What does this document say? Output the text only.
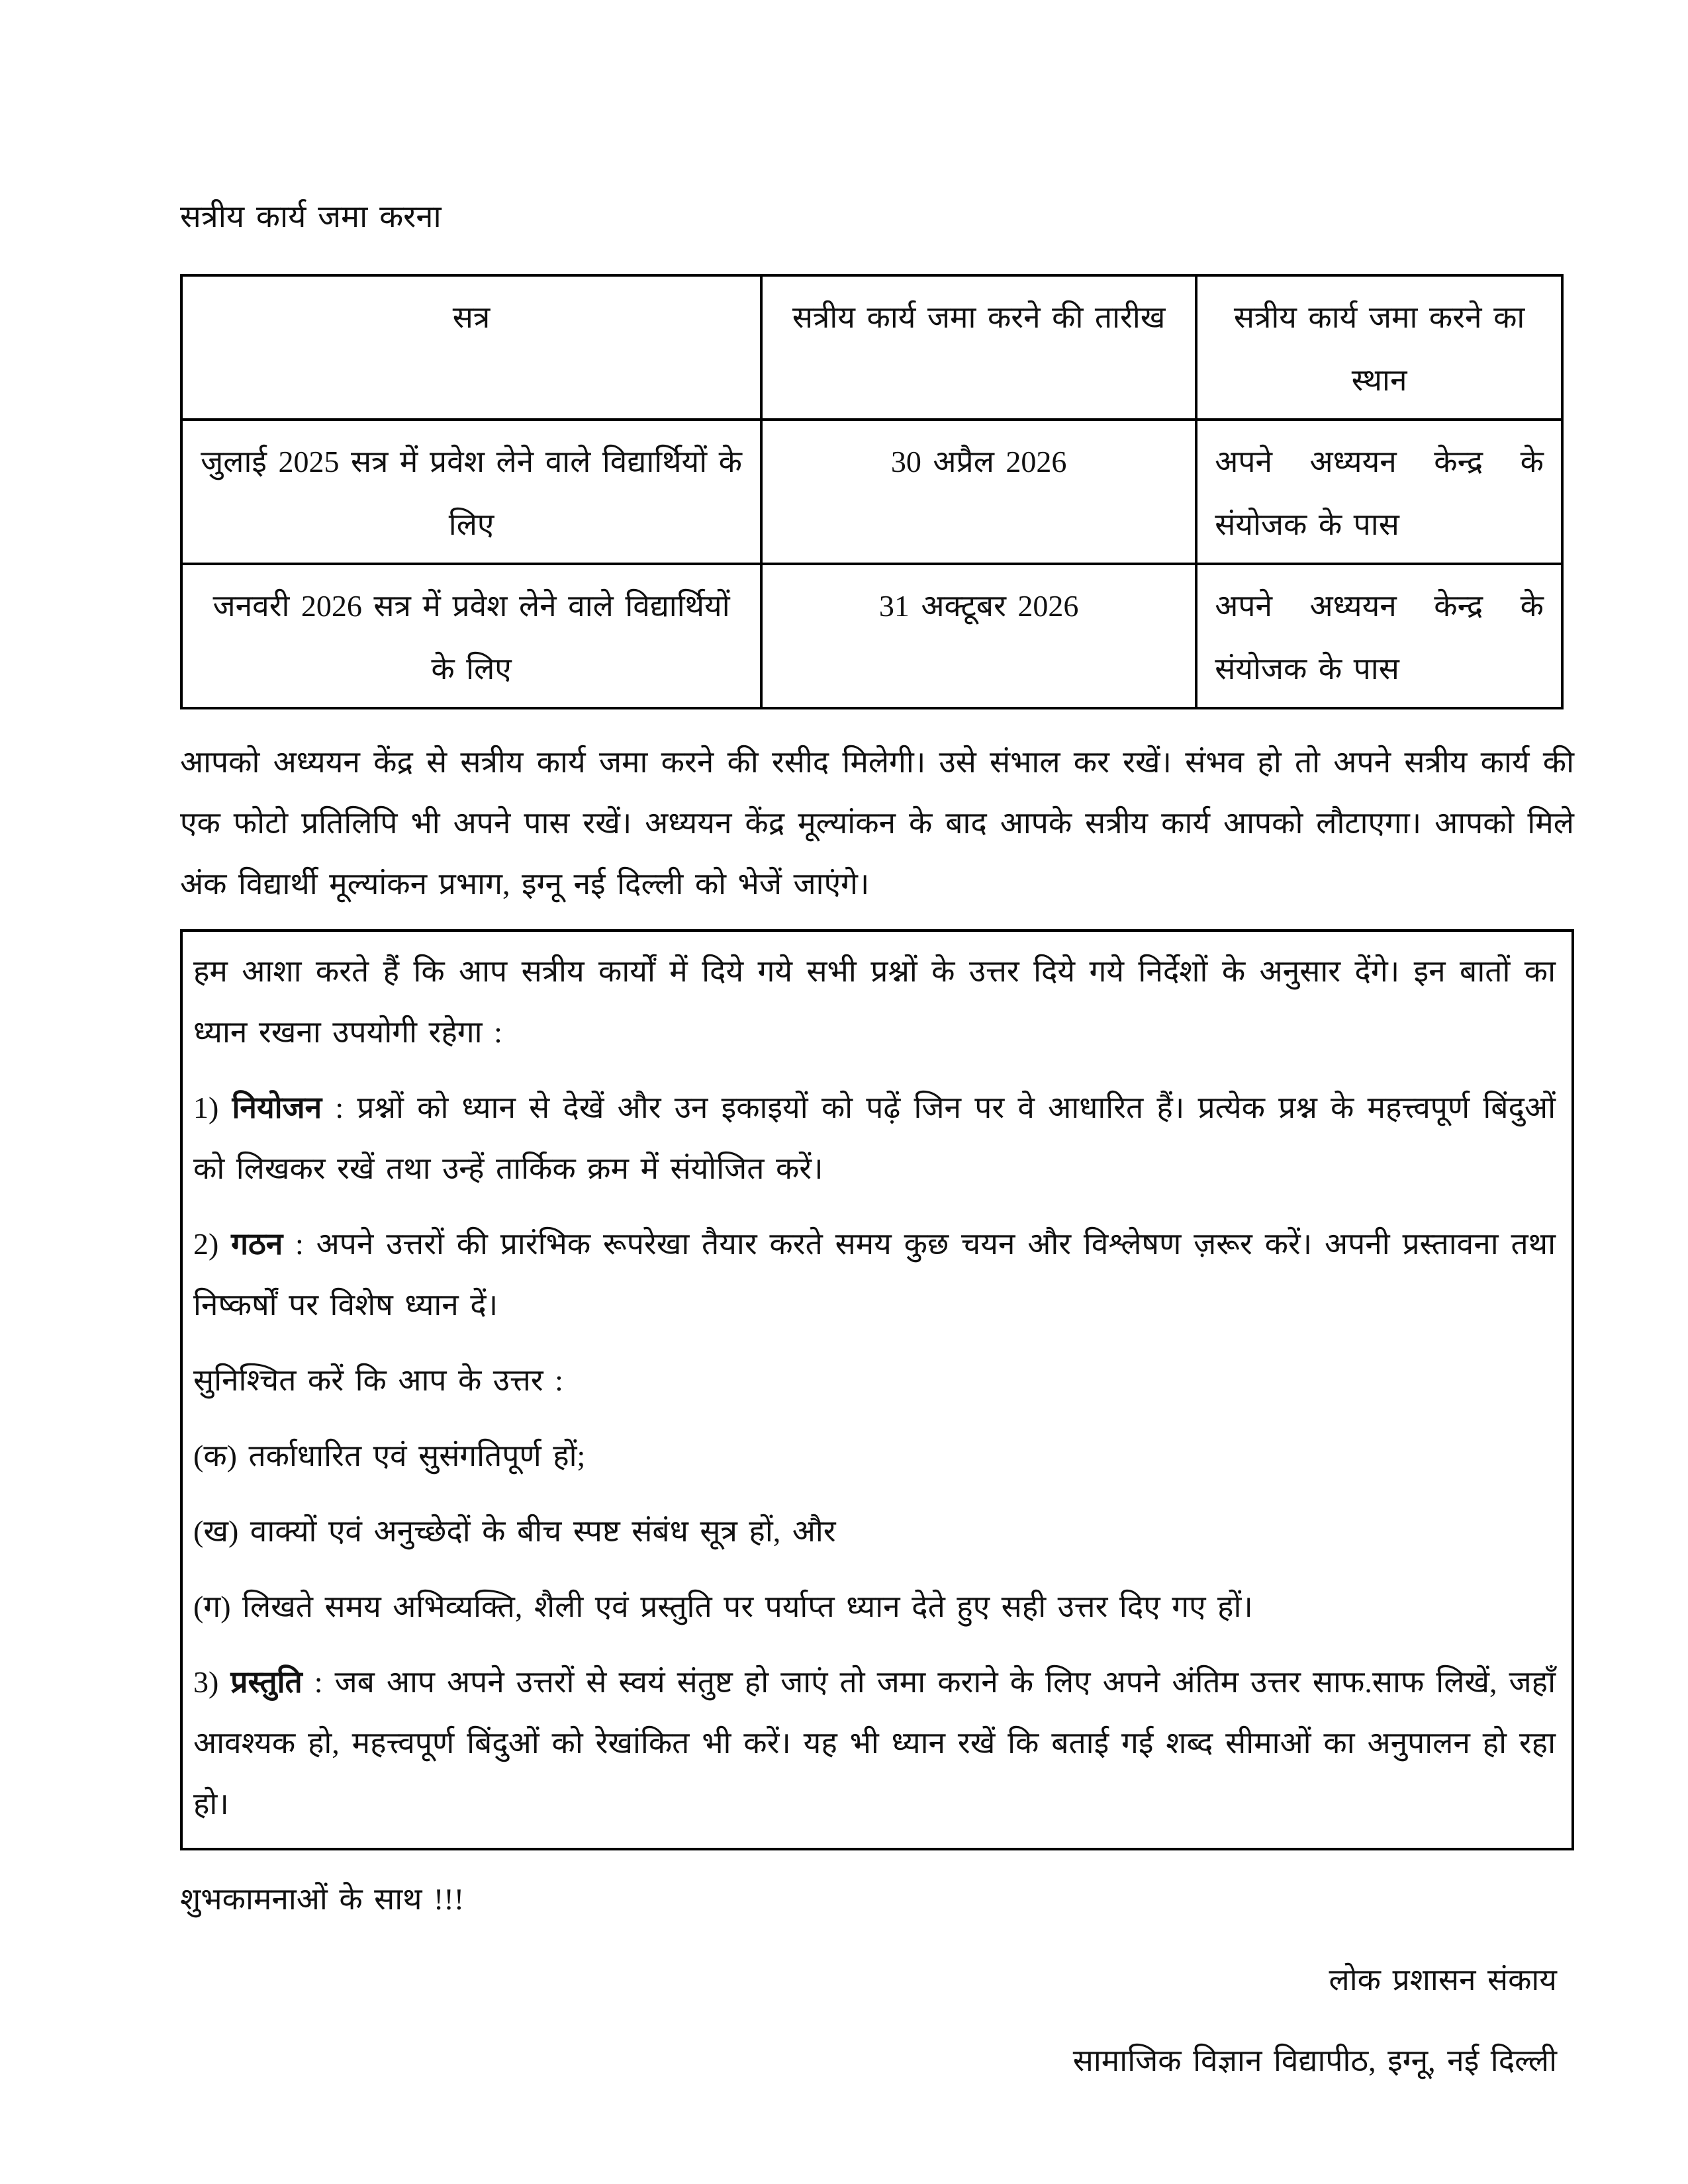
सत्रीय कार्य जमा करना

सत्र	सत्रीय कार्य जमा करने की तारीख	सत्रीय कार्य जमा करने का स्थान
जुलाई 2025 सत्र में प्रवेश लेने वाले विद्यार्थियों के लिए	30 अप्रैल 2026	अपने अध्ययन केन्द्र के संयोजक के पास
जनवरी 2026 सत्र में प्रवेश लेने वाले विद्यार्थियों के लिए	31 अक्टूबर 2026	अपने अध्ययन केन्द्र के संयोजक के पास

आपको अध्ययन केंद्र से सत्रीय कार्य जमा करने की रसीद मिलेगी। उसे संभाल कर रखें। संभव हो तो अपने सत्रीय कार्य की एक फोटो प्रतिलिपि भी अपने पास रखें। अध्ययन केंद्र मूल्यांकन के बाद आपके सत्रीय कार्य आपको लौटाएगा। आपको मिले अंक विद्यार्थी मूल्यांकन प्रभाग, इग्नू नई दिल्ली को भेजें जाएंगे।

हम आशा करते हैं कि आप सत्रीय कार्यों में दिये गये सभी प्रश्नों के उत्तर दिये गये निर्देशों के अनुसार देंगे। इन बातों का ध्यान रखना उपयोगी रहेगा :

1) नियोजन : प्रश्नों को ध्यान से देखें और उन इकाइयों को पढ़ें जिन पर वे आधारित हैं। प्रत्येक प्रश्न के महत्त्वपूर्ण बिंदुओं को लिखकर रखें तथा उन्हें तार्किक क्रम में संयोजित करें।

2) गठन : अपने उत्तरों की प्रारंभिक रूपरेखा तैयार करते समय कुछ चयन और विश्लेषण ज़रूर करें। अपनी प्रस्तावना तथा निष्कर्षों पर विशेष ध्यान दें।

सुनिश्चित करें कि आप के उत्तर :

(क) तर्काधारित एवं सुसंगतिपूर्ण हों;

(ख) वाक्यों एवं अनुच्छेदों के बीच स्पष्ट संबंध सूत्र हों, और

(ग) लिखते समय अभिव्यक्ति, शैली एवं प्रस्तुति पर पर्याप्त ध्यान देते हुए सही उत्तर दिए गए हों।

3) प्रस्तुति : जब आप अपने उत्तरों से स्वयं संतुष्ट हो जाएं तो जमा कराने के लिए अपने अंतिम उत्तर साफ.साफ लिखें, जहाँ आवश्यक हो, महत्त्वपूर्ण बिंदुओं को रेखांकित भी करें। यह भी ध्यान रखें कि बताई गई शब्द सीमाओं का अनुपालन हो रहा हो।

शुभकामनाओं के साथ !!!

लोक प्रशासन संकाय

सामाजिक विज्ञान विद्यापीठ, इग्नू, नई दिल्ली
